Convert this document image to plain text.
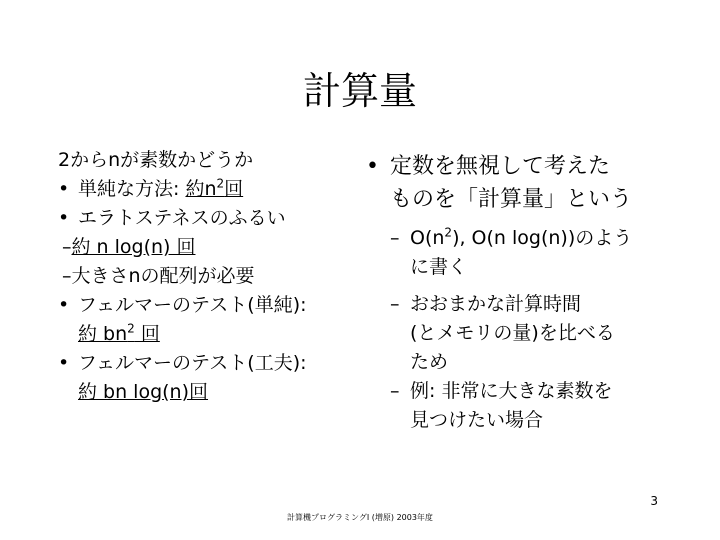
計算量
2からnが素数かどうか
• 単純な方法: 約$n^2$回
• エラトステネスのふるい
–約 n log(n) 回
–大きさnの配列が必要
• フェルマーのテスト(単純):
約 $bn^2$ 回
• フェルマーのテスト(工夫):
約 bn log(n)回
• 定数を無視して考えた
ものを「計算量」という
– $O(n^2)$, O(n log(n))のよう
に書く
– おおまかな計算時間
(とメモリの量)を比べる
ため
– 例: 非常に大きな素数を
見つけたい場合
3
計算機プログラミングI (増原) 2003年度
